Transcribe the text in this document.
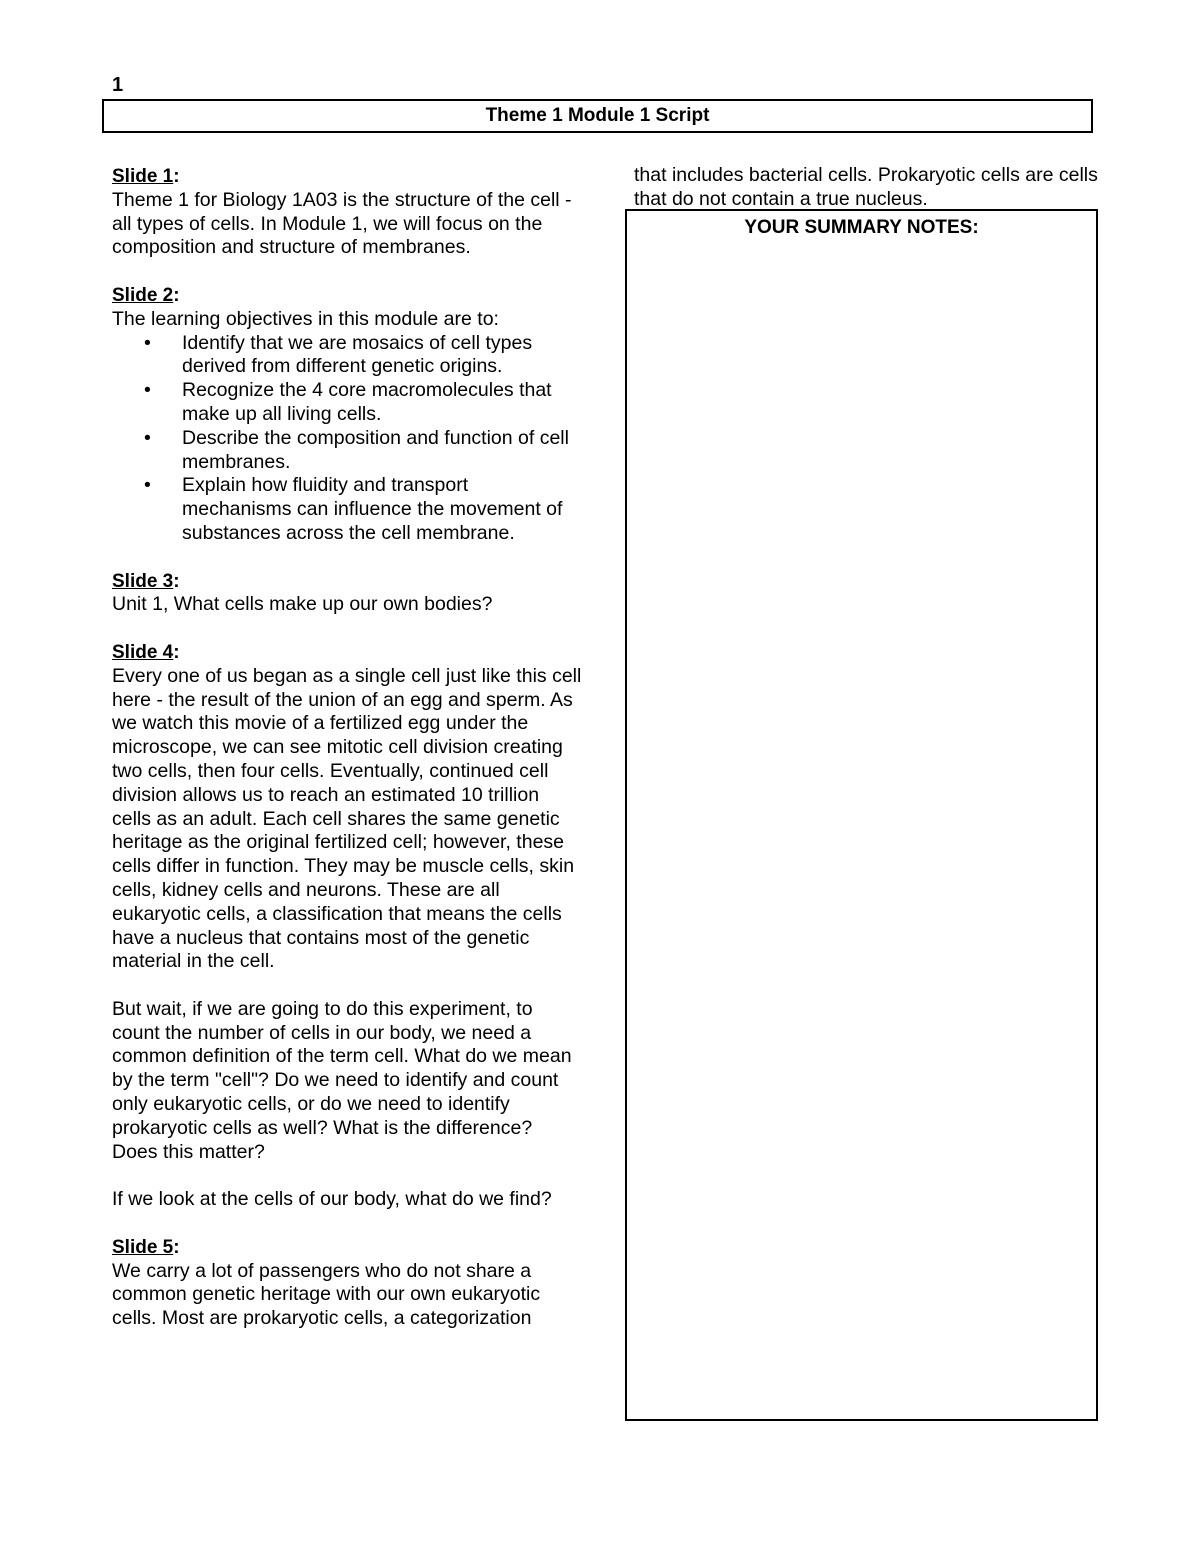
1
Theme 1 Module 1 Script
Slide 1:

Theme 1 for Biology 1A03 is the structure of the cell - all types of cells. In Module 1, we will focus on the composition and structure of membranes.

Slide 2:

The learning objectives in this module are to:

• Identify that we are mosaics of cell types derived from different genetic origins.
• Recognize the 4 core macromolecules that make up all living cells.
• Describe the composition and function of cell membranes.
• Explain how fluidity and transport mechanisms can influence the movement of substances across the cell membrane.
Slide 3:

Unit 1, What cells make up our own bodies?

Slide 4:

Every one of us began as a single cell just like this cell here - the result of the union of an egg and sperm. As we watch this movie of a fertilized egg under the microscope, we can see mitotic cell division creating two cells, then four cells. Eventually, continued cell division allows us to reach an estimated 10 trillion cells as an adult. Each cell shares the same genetic heritage as the original fertilized cell; however, these cells differ in function. They may be muscle cells, skin cells, kidney cells and neurons. These are all eukaryotic cells, a classification that means the cells have a nucleus that contains most of the genetic material in the cell.

But wait, if we are going to do this experiment, to count the number of cells in our body, we need a common definition of the term cell. What do we mean by the term "cell"? Do we need to identify and count only eukaryotic cells, or do we need to identify prokaryotic cells as well? What is the difference? Does this matter?

If we look at the cells of our body, what do we find?

Slide 5:

We carry a lot of passengers who do not share a common genetic heritage with our own eukaryotic cells. Most are prokaryotic cells, a categorization

that includes bacterial cells. Prokaryotic cells are cells that do not contain a true nucleus.
YOUR SUMMARY NOTES:
